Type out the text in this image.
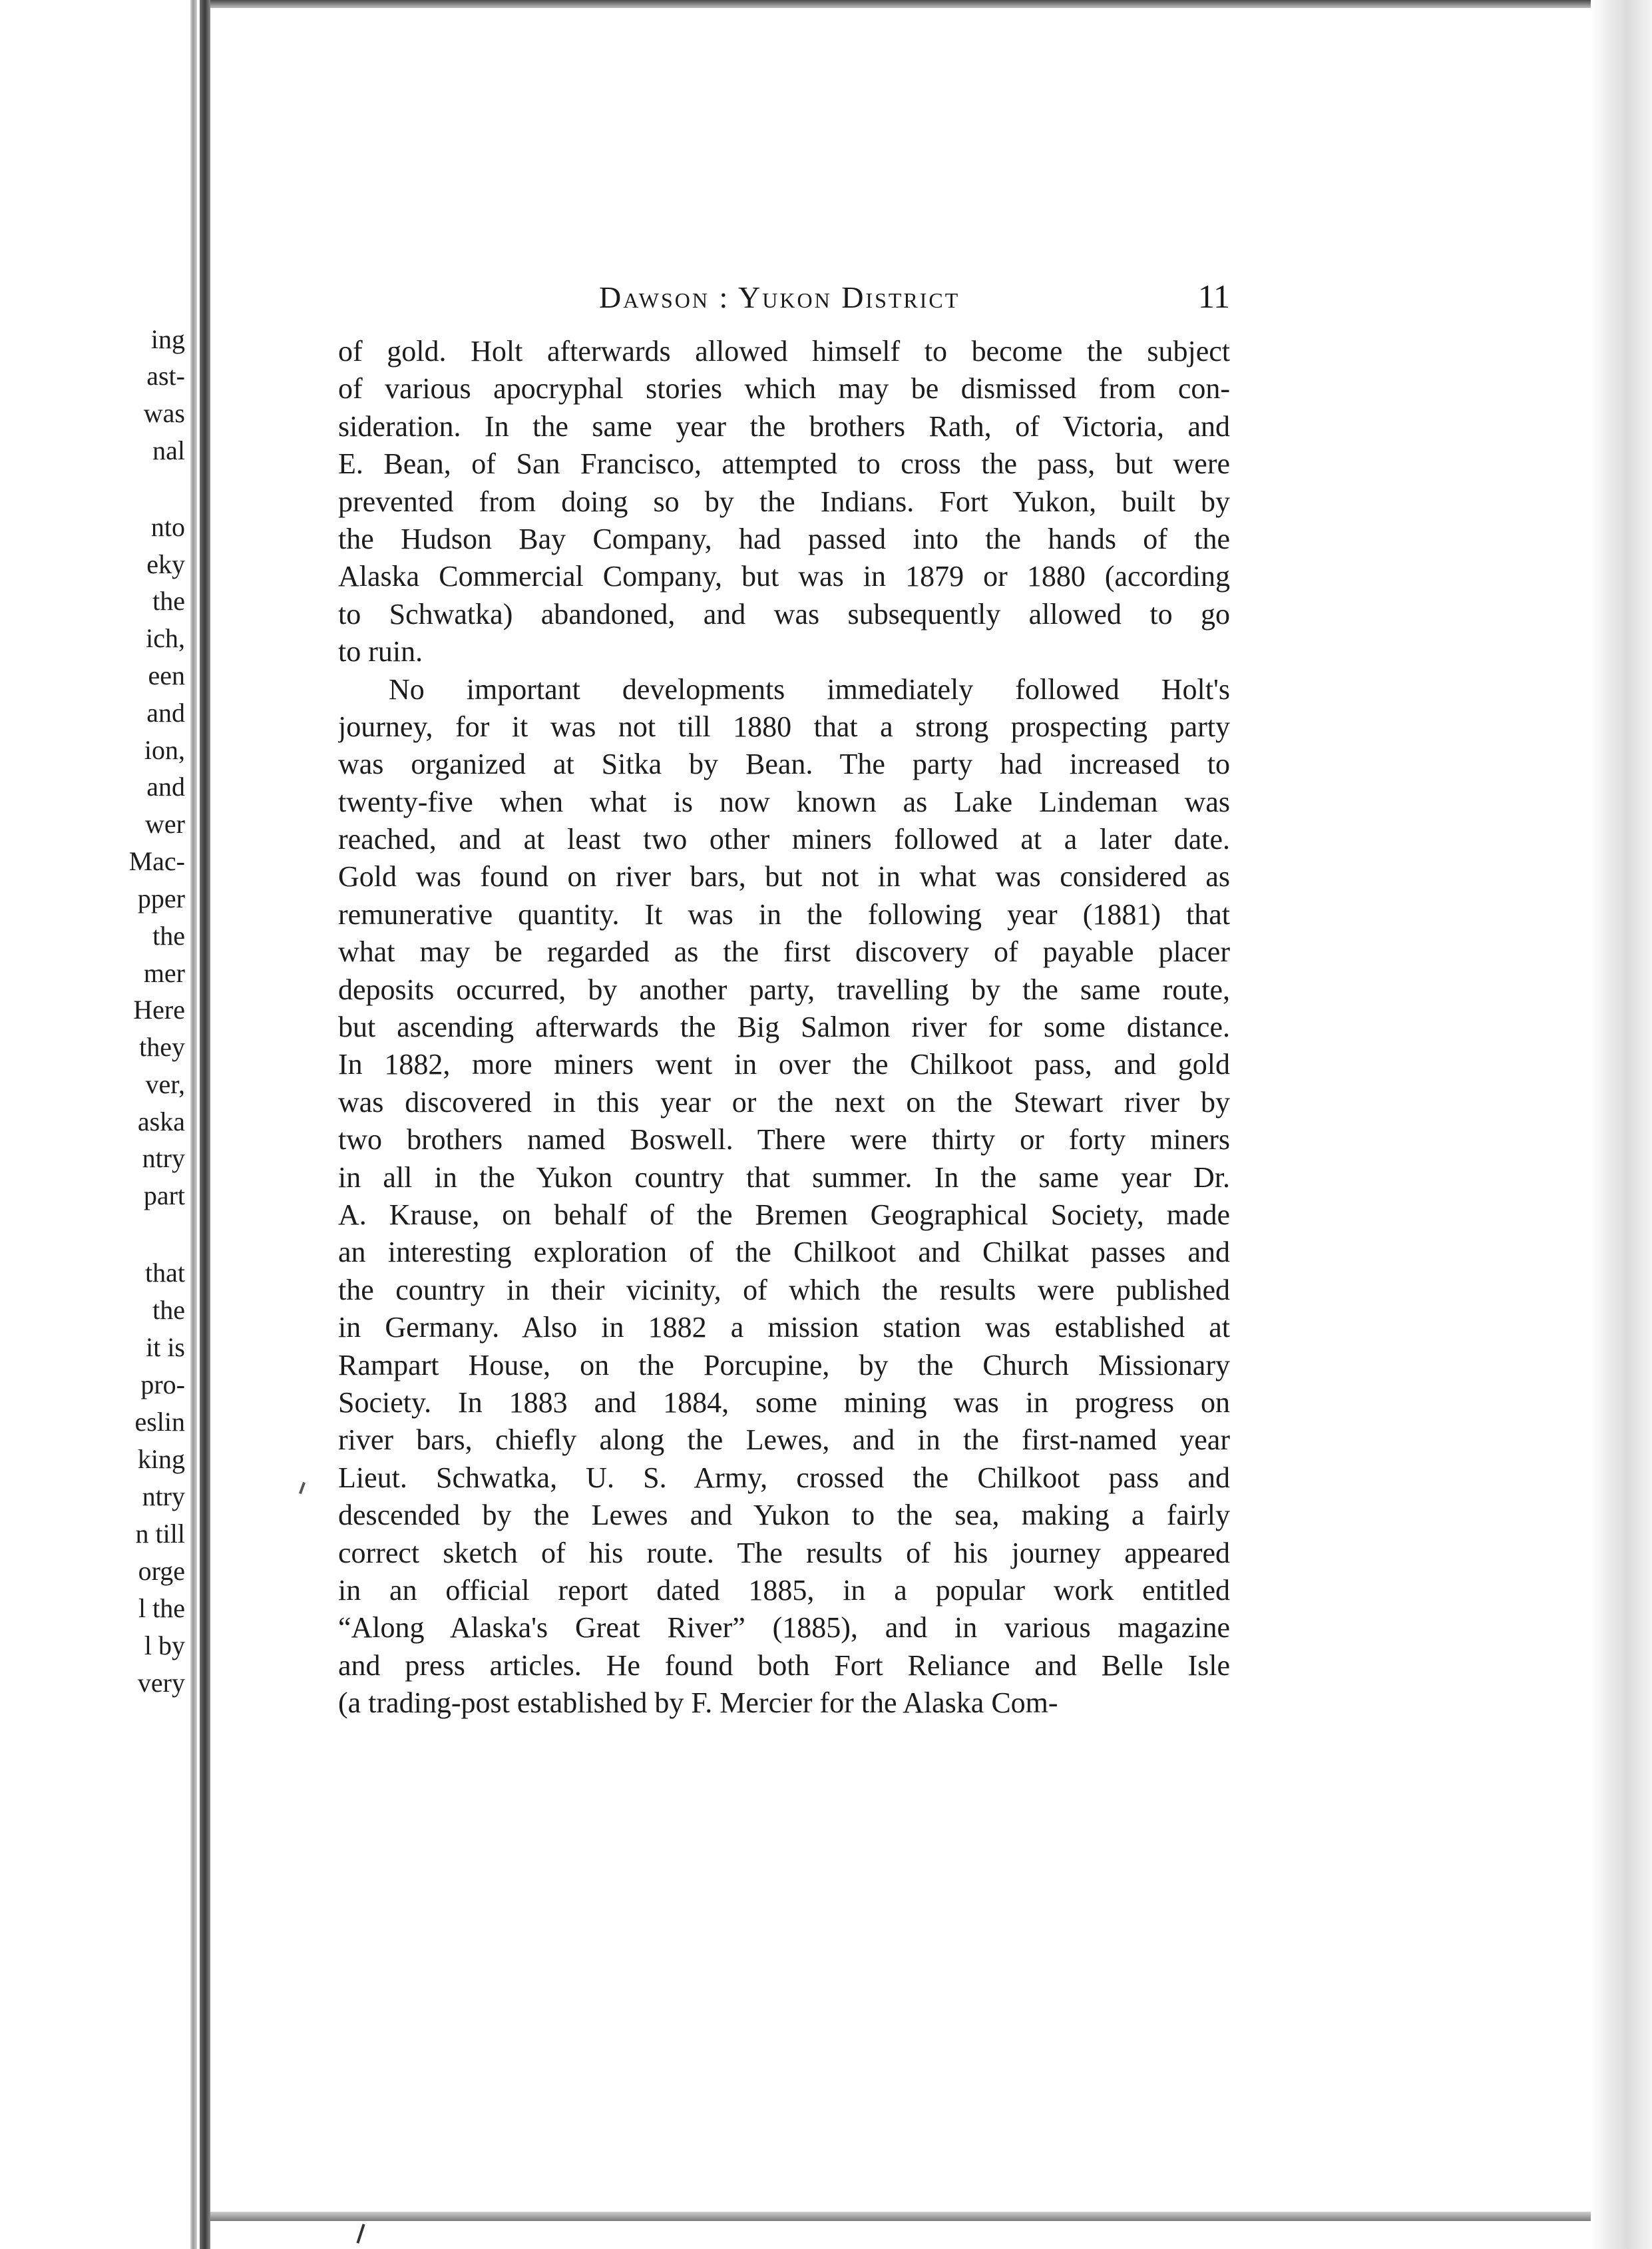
ing
ast-
was
nal
nto
eky
the
ich,
een
and
ion,
and
wer
Mac-
pper
the
mer
Here
they
ver,
aska
ntry
part
that
the
it is
pro-
eslin
king
ntry
n till
orge
l the
l by
very
Dawson : Yukon District	11
of gold. Holt afterwards allowed himself to become the subject
of various apocryphal stories which may be dismissed from con-
sideration. In the same year the brothers Rath, of Victoria, and
E. Bean, of San Francisco, attempted to cross the pass, but were
prevented from doing so by the Indians. Fort Yukon, built by
the Hudson Bay Company, had passed into the hands of the
Alaska Commercial Company, but was in 1879 or 1880 (according
to Schwatka) abandoned, and was subsequently allowed to go
to ruin.
No important developments immediately followed Holt's
journey, for it was not till 1880 that a strong prospecting party
was organized at Sitka by Bean. The party had increased to
twenty-five when what is now known as Lake Lindeman was
reached, and at least two other miners followed at a later date.
Gold was found on river bars, but not in what was considered as
remunerative quantity. It was in the following year (1881) that
what may be regarded as the first discovery of payable placer
deposits occurred, by another party, travelling by the same route,
but ascending afterwards the Big Salmon river for some distance.
In 1882, more miners went in over the Chilkoot pass, and gold
was discovered in this year or the next on the Stewart river by
two brothers named Boswell. There were thirty or forty miners
in all in the Yukon country that summer. In the same year Dr.
A. Krause, on behalf of the Bremen Geographical Society, made
an interesting exploration of the Chilkoot and Chilkat passes and
the country in their vicinity, of which the results were published
in Germany. Also in 1882 a mission station was established at
Rampart House, on the Porcupine, by the Church Missionary
Society. In 1883 and 1884, some mining was in progress on
river bars, chiefly along the Lewes, and in the first-named year
Lieut. Schwatka, U. S. Army, crossed the Chilkoot pass and
descended by the Lewes and Yukon to the sea, making a fairly
correct sketch of his route. The results of his journey appeared
in an official report dated 1885, in a popular work entitled
“Along Alaska's Great River” (1885), and in various magazine
and press articles. He found both Fort Reliance and Belle Isle
(a trading-post established by F. Mercier for the Alaska Com-
